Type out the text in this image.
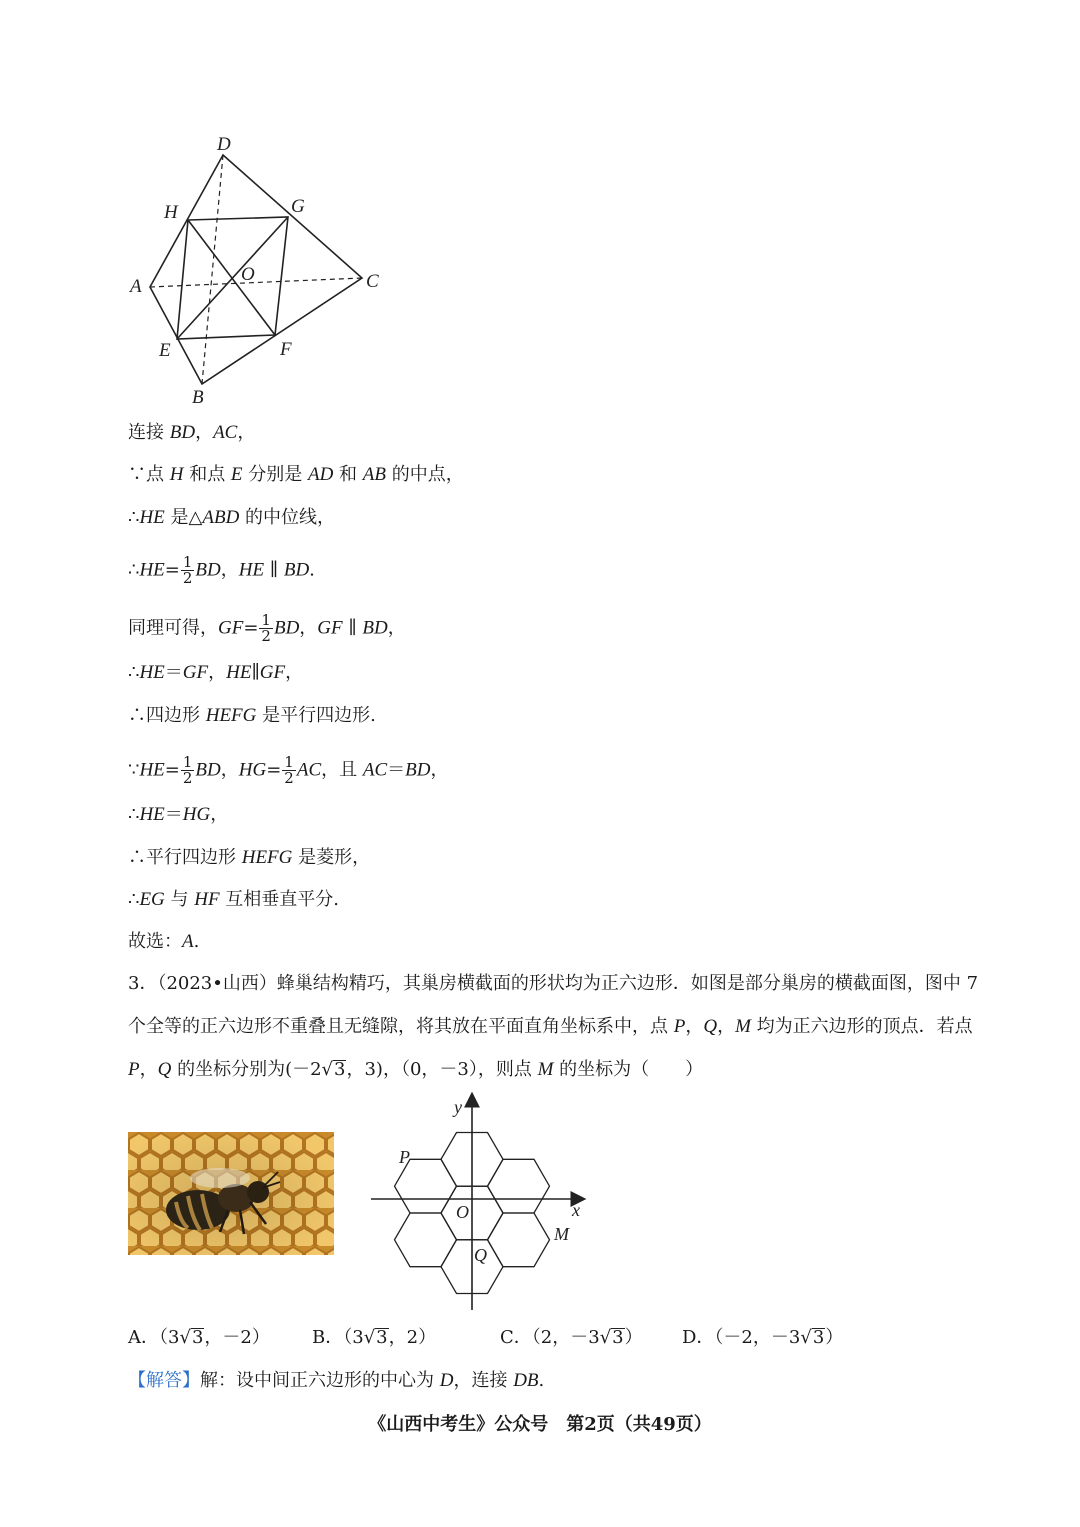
D
H	G
A
O	C
E	F
B
连接 BD，AC，
∵点 H 和点 E 分别是 AD 和 AB 的中点，
∴HE 是△ABD 的中位线，
∴HE= $\frac{1}{2}$ BD，HE ∥ BD.
同理可得，$GF= \frac{1}{2}$ BD，GF ∥ BD，
∴HE＝GF，HE∥GF，
∴四边形 HEFG 是平行四边形.
∵HE= $\frac{1}{2}$ BD，$HG= \frac{1}{2}$ AC，且 AC＝BD，
∴HE＝HG，
∴平行四边形 HEFG 是菱形，
∴EG 与 HF 互相垂直平分.
故选：A.
3．（2023•山西）蜂巢结构精巧，其巢房横截面的形状均为正六边形．如图是部分巢房的横截面图，图中 7 个全等的正六边形不重叠且无缝隙，将其放在平面直角坐标系中，点 P，Q，M 均为正六边形的顶点．若点 P，Q 的坐标分别为(－2√3，3)，（0，－3），则点 M 的坐标为（　　）
y
x
P
O
M
Q
A．（3√3，－2） B．（3√3，2）	C．（2，－3√3） D．（－2，－3√3）
【解答】解：设中间正六边形的中心为 D，连接 DB.
《山西中考生》公众号　第2页（共49页）
